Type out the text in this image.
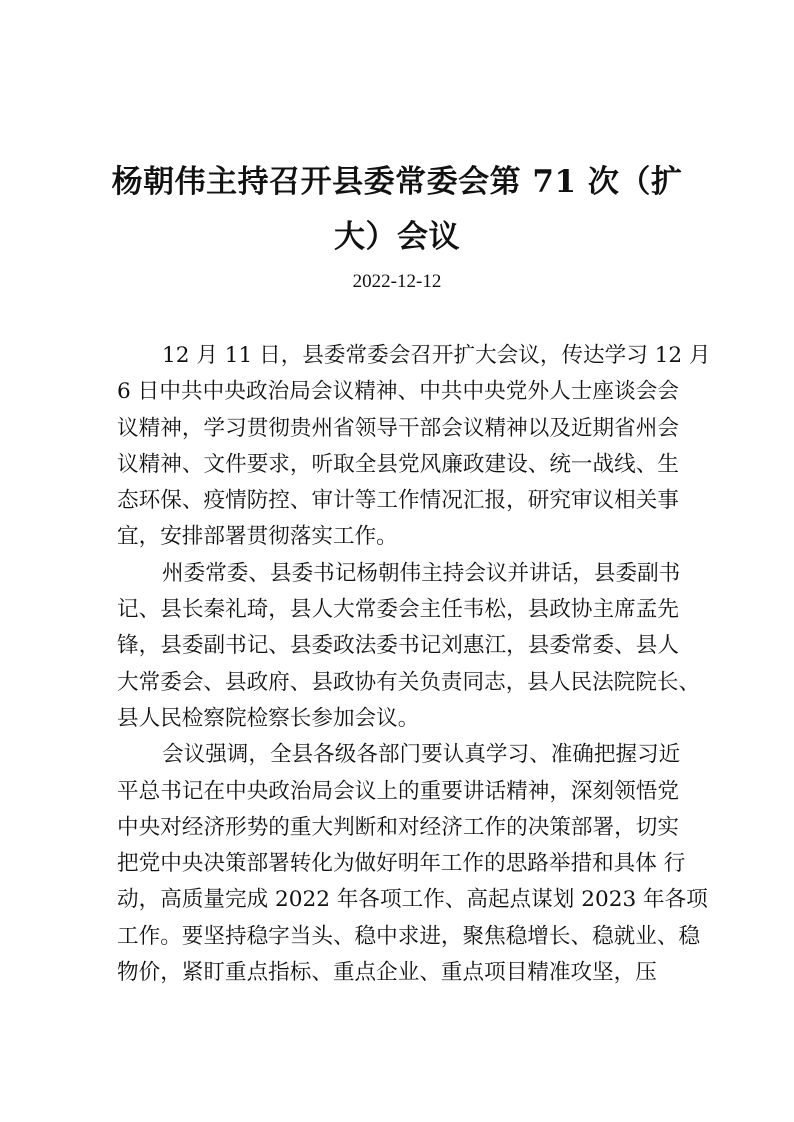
杨朝伟主持召开县委常委会第 71 次（扩
大）会议
2022-12-12
12 月 11 日，县委常委会召开扩大会议，传达学习 12 月
6 日中共中央政治局会议精神、中共中央党外人士座谈会会
议精神，学习贯彻贵州省领导干部会议精神以及近期省州会
议精神、文件要求，听取全县党风廉政建设、统一战线、生
态环保、疫情防控、审计等工作情况汇报，研究审议相关事
宜，安排部署贯彻落实工作。
州委常委、县委书记杨朝伟主持会议并讲话，县委副书
记、县长秦礼琦，县人大常委会主任韦松，县政协主席孟先
锋，县委副书记、县委政法委书记刘惠江，县委常委、县人
大常委会、县政府、县政协有关负责同志，县人民法院院长、
县人民检察院检察长参加会议。
会议强调，全县各级各部门要认真学习、准确把握习近
平总书记在中央政治局会议上的重要讲话精神，深刻领悟党
中央对经济形势的重大判断和对经济工作的决策部署，切实
把党中央决策部署转化为做好明年工作的思路举措和具体 行
动，高质量完成 2022 年各项工作、高起点谋划 2023 年各项
工作。要坚持稳字当头、稳中求进，聚焦稳增长、稳就业、稳
物价，紧盯重点指标、重点企业、重点项目精准攻坚，压
